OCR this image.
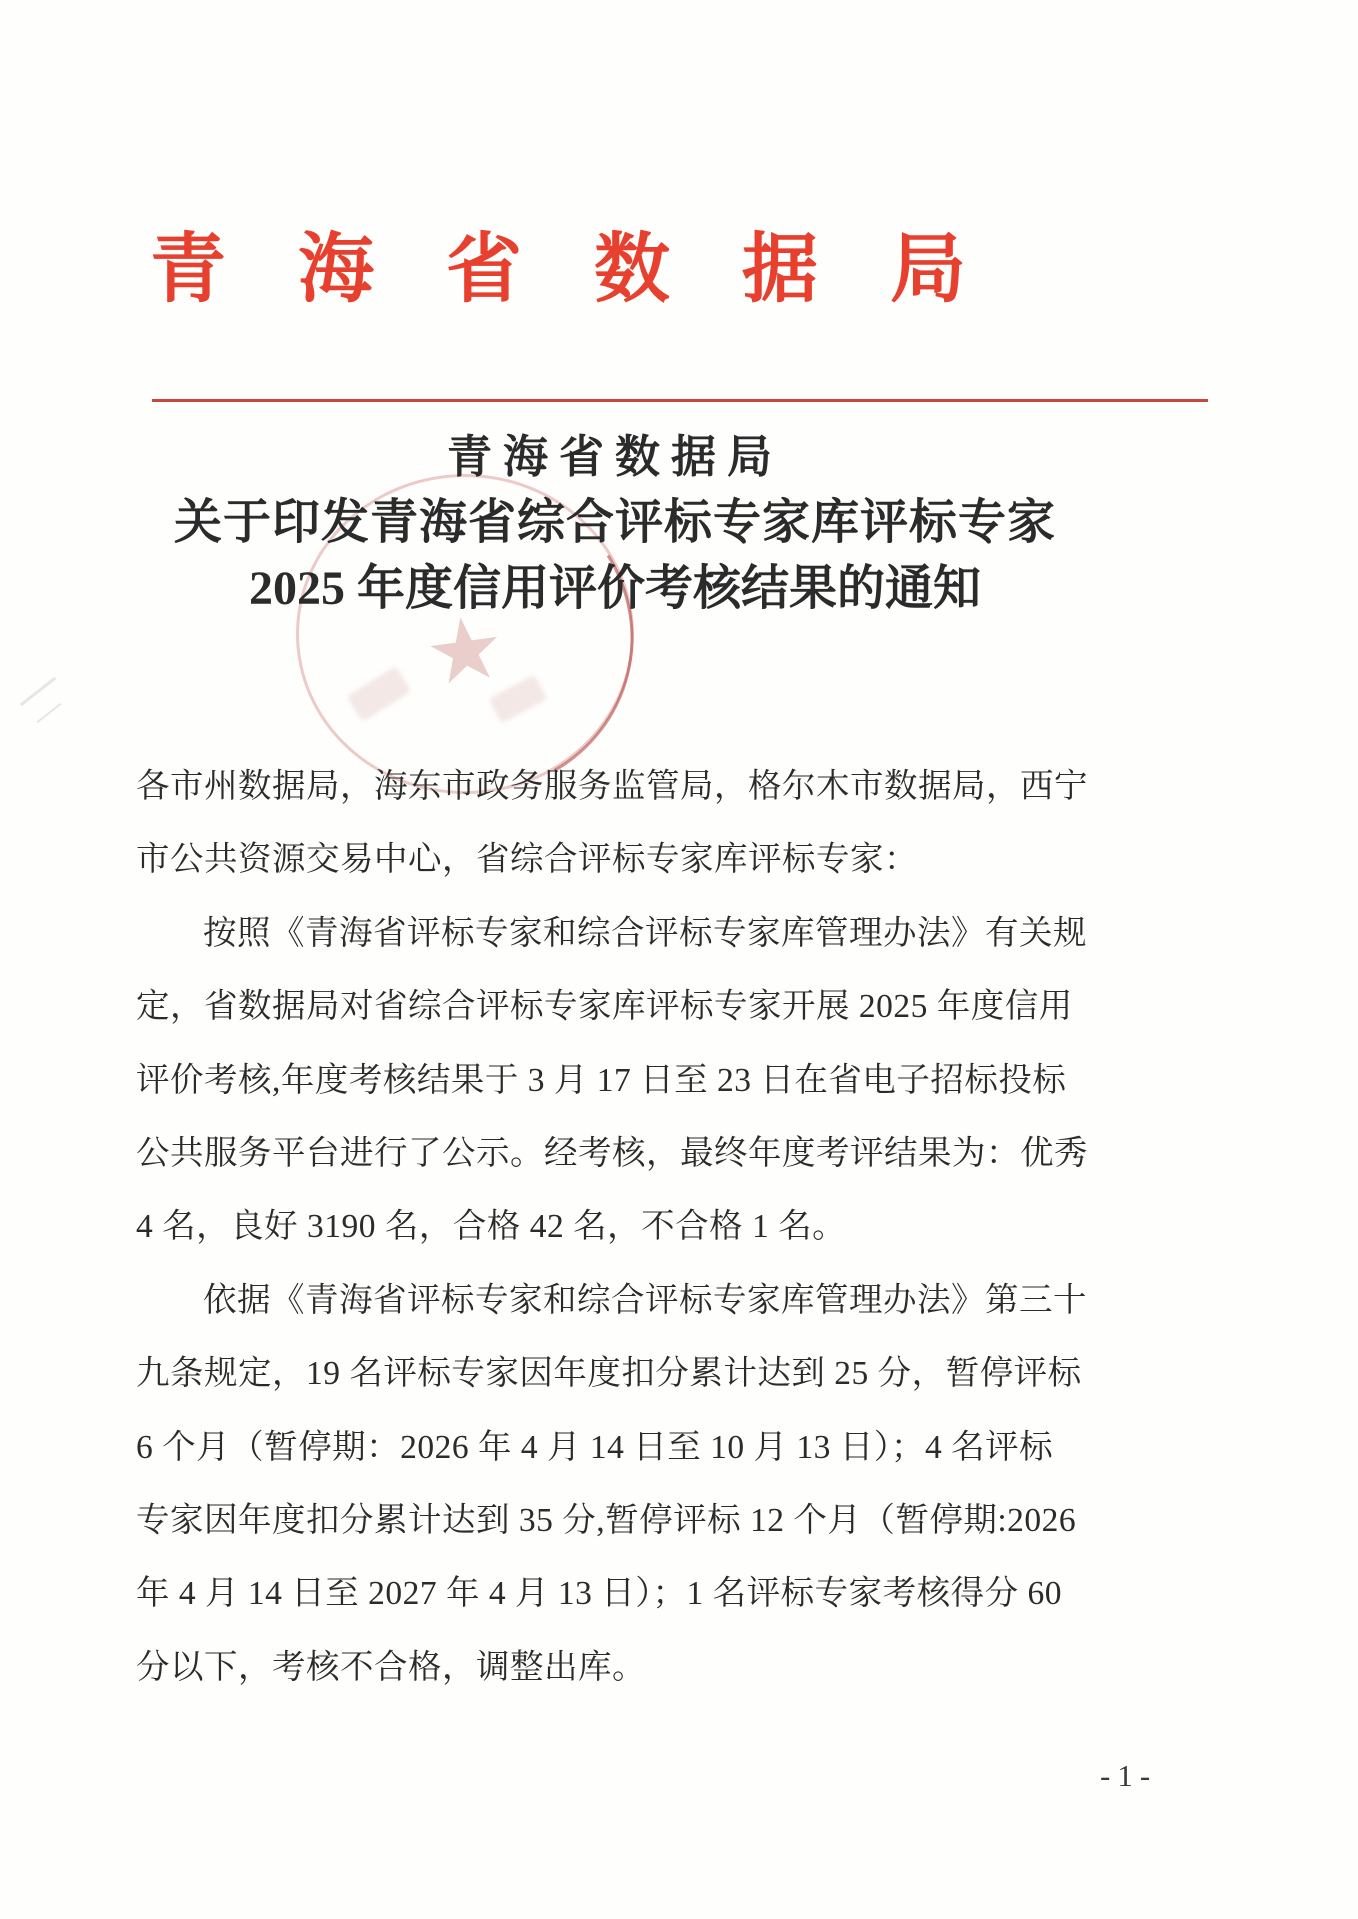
青海省数据局
★
青海省数据局
关于印发青海省综合评标专家库评标专家
2025 年度信用评价考核结果的通知
各市州数据局，海东市政务服务监管局，格尔木市数据局，西宁
市公共资源交易中心，省综合评标专家库评标专家：
按照《青海省评标专家和综合评标专家库管理办法》有关规
定，省数据局对省综合评标专家库评标专家开展 2025 年度信用
评价考核,年度考核结果于 3 月 17 日至 23 日在省电子招标投标
公共服务平台进行了公示。经考核，最终年度考评结果为：优秀
4 名，良好 3190 名，合格 42 名，不合格 1 名。
依据《青海省评标专家和综合评标专家库管理办法》第三十
九条规定，19 名评标专家因年度扣分累计达到 25 分，暂停评标
6 个月（暂停期：2026 年 4 月 14 日至 10 月 13 日）；4 名评标
专家因年度扣分累计达到 35 分,暂停评标 12 个月（暂停期:2026
年 4 月 14 日至 2027 年 4 月 13 日）；1 名评标专家考核得分 60
分以下，考核不合格，调整出库。
-1-
